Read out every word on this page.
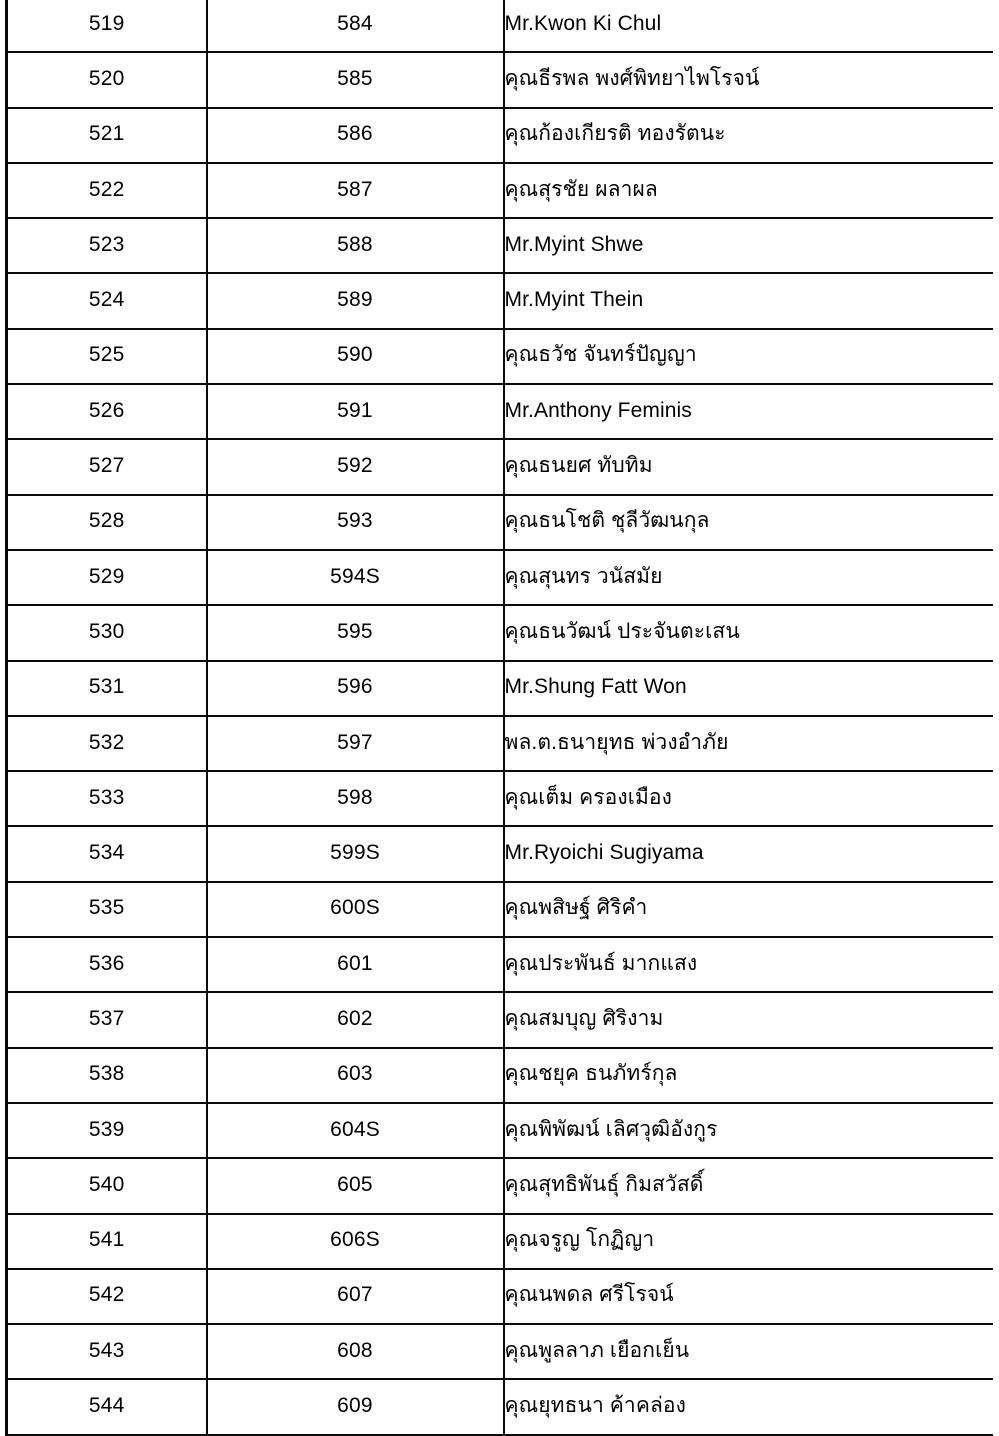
519	584	Mr.Kwon Ki Chul
520	585	คุณธีรพล พงศ์พิทยาไพโรจน์
521	586	คุณก้องเกียรติ ทองรัตนะ
522	587	คุณสุรชัย ผลาผล
523	588	Mr.Myint Shwe
524	589	Mr.Myint Thein
525	590	คุณธวัช จันทร์ปัญญา
526	591	Mr.Anthony Feminis
527	592	คุณธนยศ ทับทิม
528	593	คุณธนโชติ ชุลีวัฒนกุล
529	594S	คุณสุนทร วนัสมัย
530	595	คุณธนวัฒน์ ประจันตะเสน
531	596	Mr.Shung Fatt Won
532	597	พล.ต.ธนายุทธ พ่วงอำภัย
533	598	คุณเต็ม ครองเมือง
534	599S	Mr.Ryoichi Sugiyama
535	600S	คุณพสิษฐ์ ศิริคำ
536	601	คุณประพันธ์ มากแสง
537	602	คุณสมบุญ ศิริงาม
538	603	คุณชยุค ธนภัทร์กุล
539	604S	คุณพิพัฒน์ เลิศวุฒิอังกูร
540	605	คุณสุทธิพันธุ์ กิมสวัสดิ์
541	606S	คุณจรูญ โกฏิญา
542	607	คุณนพดล ศรีโรจน์
543	608	คุณพูลลาภ เยือกเย็น
544	609	คุณยุทธนา ค้าคล่อง
